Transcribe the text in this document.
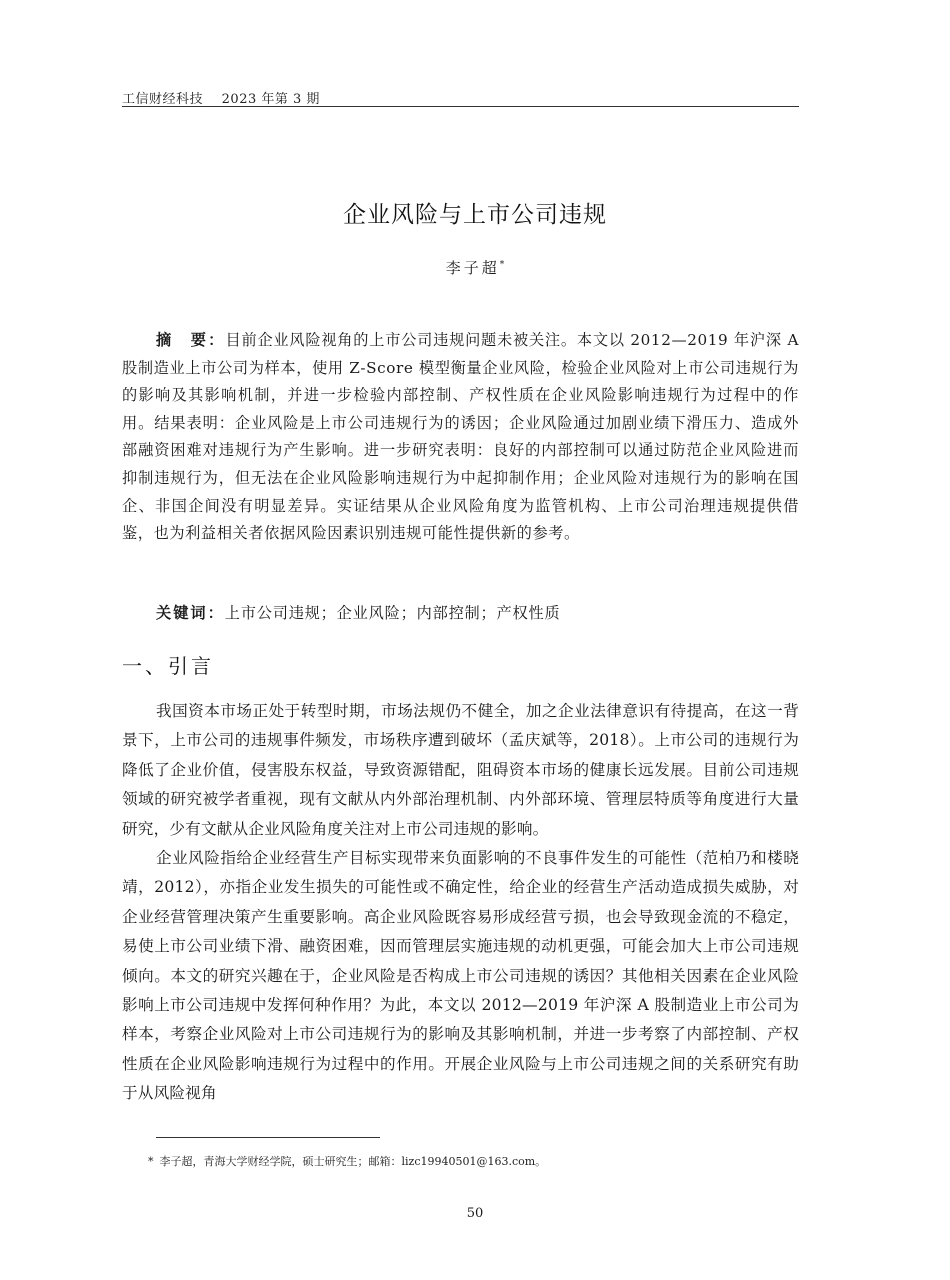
工信财经科技 2023 年第 3 期
企业风险与上市公司违规
李子超*
摘　要：目前企业风险视角的上市公司违规问题未被关注。本文以 2012—2019 年沪深 A 股制造业上市公司为样本，使用 Z-Score 模型衡量企业风险，检验企业风险对上市公司违规行为的影响及其影响机制，并进一步检验内部控制、产权性质在企业风险影响违规行为过程中的作用。结果表明：企业风险是上市公司违规行为的诱因；企业风险通过加剧业绩下滑压力、造成外部融资困难对违规行为产生影响。进一步研究表明：良好的内部控制可以通过防范企业风险进而抑制违规行为，但无法在企业风险影响违规行为中起抑制作用；企业风险对违规行为的影响在国企、非国企间没有明显差异。实证结果从企业风险角度为监管机构、上市公司治理违规提供借鉴，也为利益相关者依据风险因素识别违规可能性提供新的参考。
关键词：上市公司违规；企业风险；内部控制；产权性质
一、引言

我国资本市场正处于转型时期，市场法规仍不健全，加之企业法律意识有待提高，在这一背景下，上市公司的违规事件频发，市场秩序遭到破坏（孟庆斌等，2018）。上市公司的违规行为降低了企业价值，侵害股东权益，导致资源错配，阻碍资本市场的健康长远发展。目前公司违规领域的研究被学者重视，现有文献从内外部治理机制、内外部环境、管理层特质等角度进行大量研究，少有文献从企业风险角度关注对上市公司违规的影响。

企业风险指给企业经营生产目标实现带来负面影响的不良事件发生的可能性（范柏乃和楼晓靖，2012），亦指企业发生损失的可能性或不确定性，给企业的经营生产活动造成损失威胁，对企业经营管理决策产生重要影响。高企业风险既容易形成经营亏损，也会导致现金流的不稳定，易使上市公司业绩下滑、融资困难，因而管理层实施违规的动机更强，可能会加大上市公司违规倾向。本文的研究兴趣在于，企业风险是否构成上市公司违规的诱因？其他相关因素在企业风险影响上市公司违规中发挥何种作用？为此，本文以 2012—2019 年沪深 A 股制造业上市公司为样本，考察企业风险对上市公司违规行为的影响及其影响机制，并进一步考察了内部控制、产权性质在企业风险影响违规行为过程中的作用。开展企业风险与上市公司违规之间的关系研究有助于从风险视角

* 李子超，青海大学财经学院，硕士研究生；邮箱：lizc19940501@163.com。
50
